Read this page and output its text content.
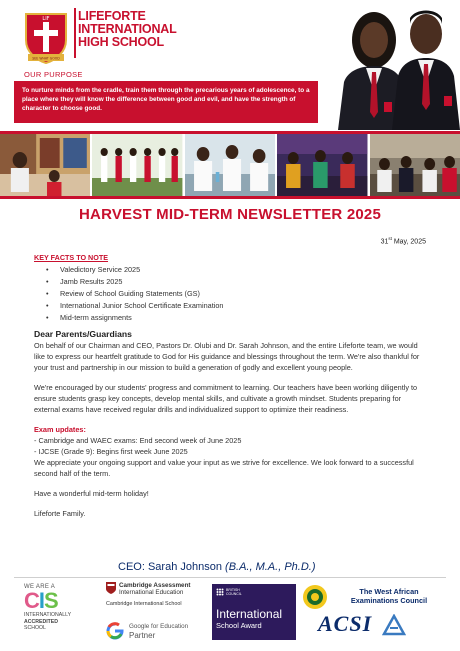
LIF
SEE WHAT GOOD
LIFEFORTE INTERNATIONAL HIGH SCHOOL
OUR PURPOSE
To nurture minds from the cradle, train them through the precarious years of adolescence, to a place where they will know the difference between good and evil, and have the strength of character to choose good.
HARVEST MID-TERM NEWSLETTER 2025
31st May, 2025
KEY FACTS TO NOTE
• Valedictory Service 2025
• Jamb Results 2025
• Review of School Guiding Statements (GS)
• International Junior School Certificate Examination
• Mid-term assignments
Dear Parents/Guardians

On behalf of our Chairman and CEO, Pastors Dr. Olubi and Dr. Sarah Johnson, and the entire Lifeforte team, we would like to express our heartfelt gratitude to God for His guidance and blessings throughout the term. We're also thankful for your trust and partnership in our mission to build a generation of godly and excellent young people.

We're encouraged by our students' progress and commitment to learning. Our teachers have been working diligently to ensure students grasp key concepts, develop mental skills, and cultivate a growth mindset. Students preparing for external exams have received regular drills and individualized support to optimize their readiness.

Exam updates:

- Cambridge and WAEC exams: End second week of June 2025

- IJCSE (Grade 9): Begins first week June 2025

We appreciate your ongoing support and value your input as we strive for excellence. We look forward to a successful second half of the term.

Have a wonderful mid-term holiday!

Lifeforte Family.

CEO: Sarah Johnson (B.A., M.A., Ph.D.)
WE ARE A
CIS
INTERNATIONALLY
ACCREDITED
SCHOOL
Cambridge Assessment
International Education
Cambridge International School
Google for Education
Partner
BRITISH
COUNCIL
International
School Award
The West African
Examinations Council
ACSI
